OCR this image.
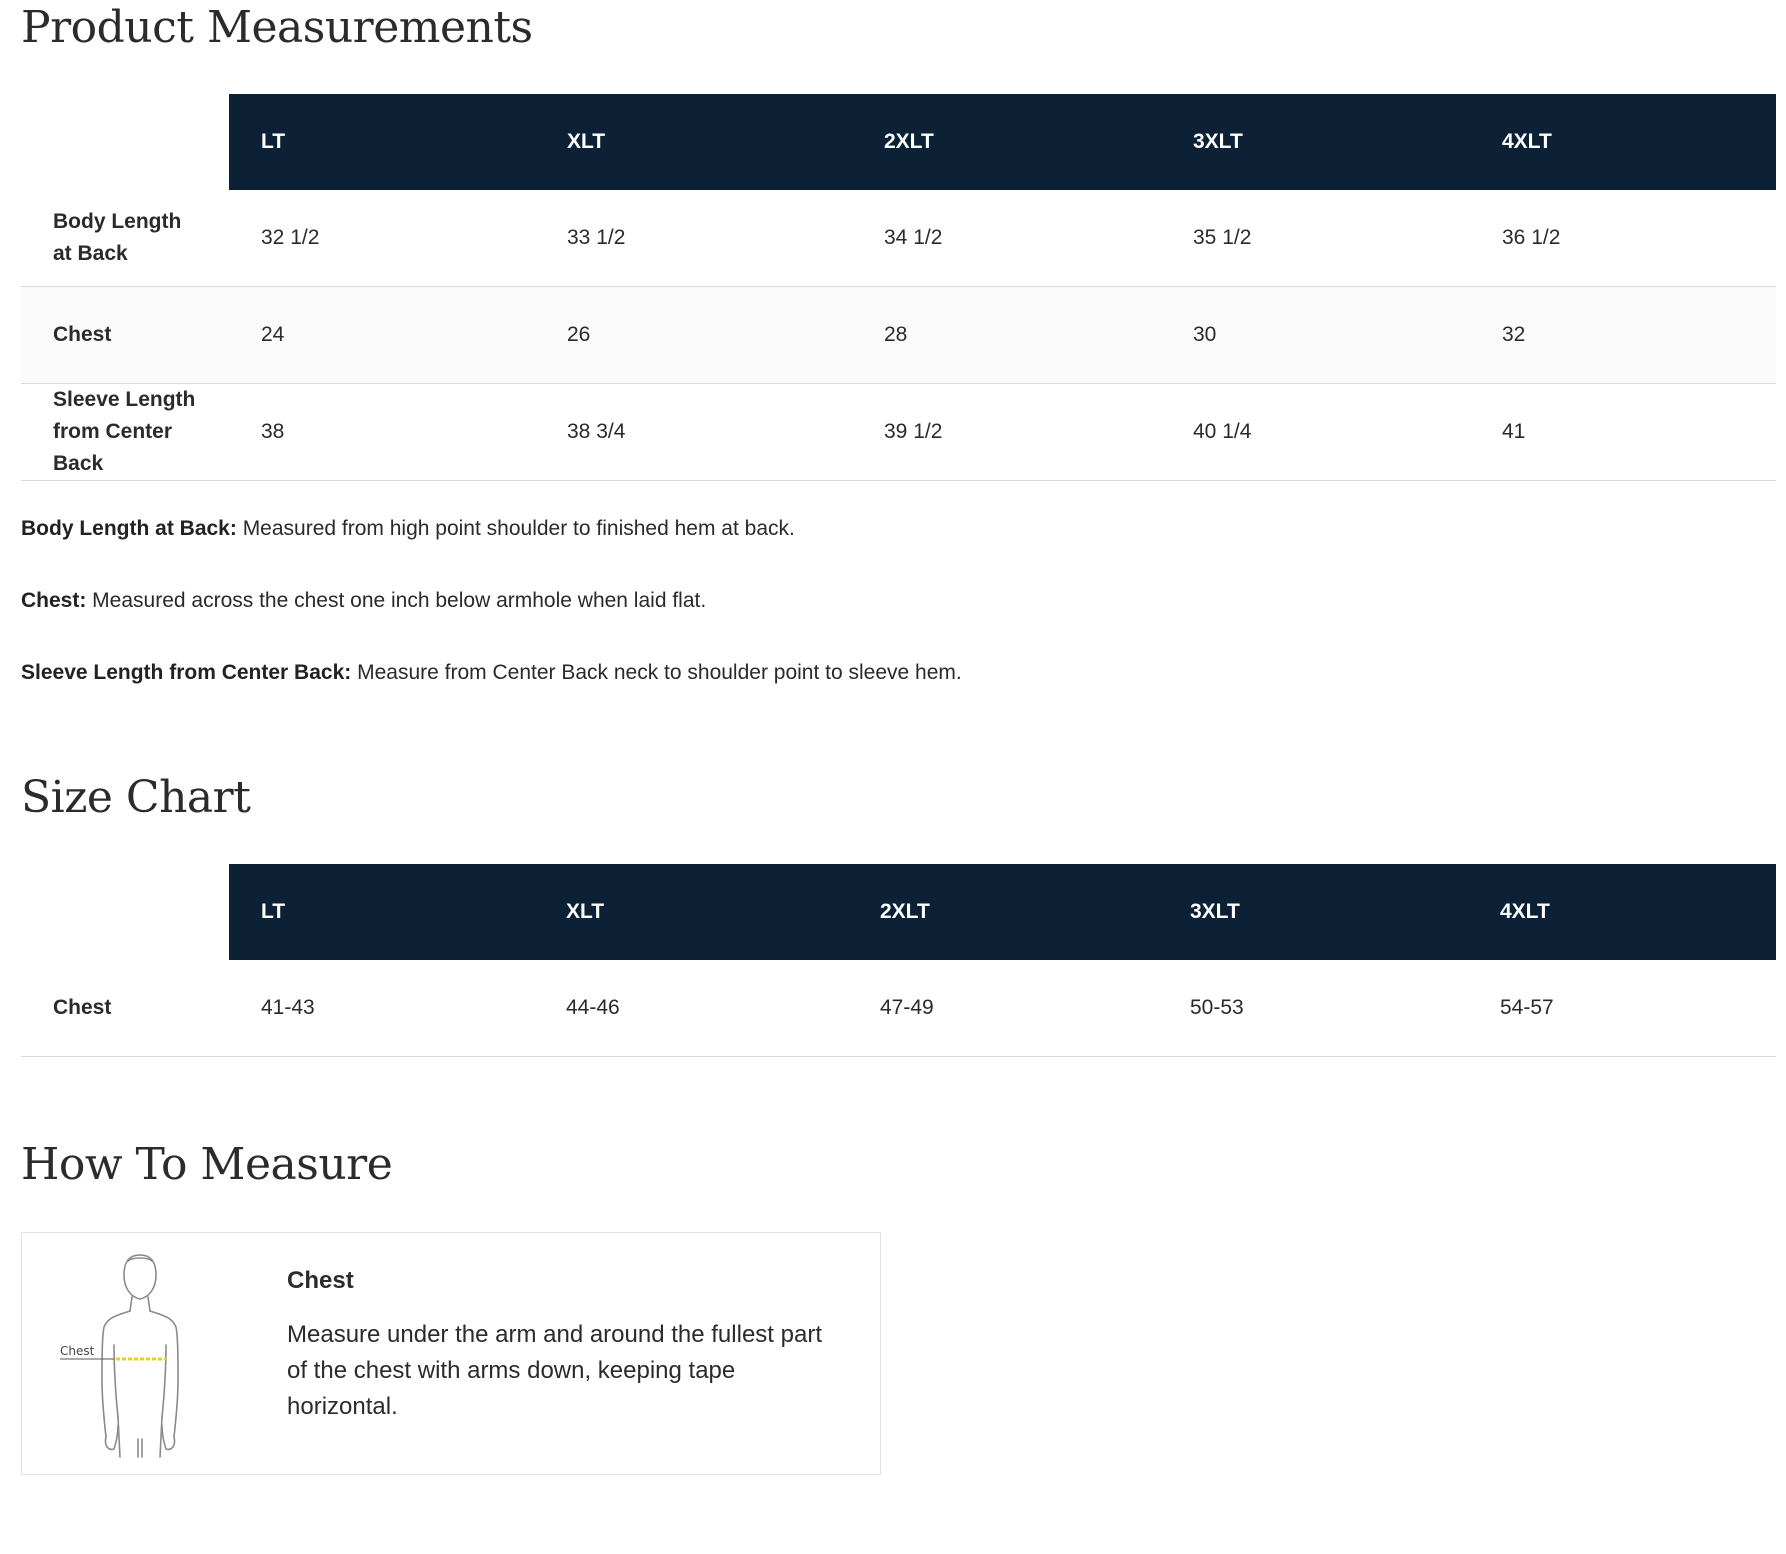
Product Measurements
	LT	XLT	2XLT	3XLT	4XLT
Body Length at Back	32 1/2	33 1/2	34 1/2	35 1/2	36 1/2
Chest	24	26	28	30	32
Sleeve Length from Center Back	38	38 3/4	39 1/2	40 1/4	41

Body Length at Back: Measured from high point shoulder to finished hem at back.

Chest: Measured across the chest one inch below armhole when laid flat.

Sleeve Length from Center Back: Measure from Center Back neck to shoulder point to sleeve hem.

Size Chart
	LT	XLT	2XLT	3XLT	4XLT
Chest	41-43	44-46	47-49	50-53	54-57
How To Measure
Chest
Chest
Measure under the arm and around the fullest part of the chest with arms down, keeping tape horizontal.
